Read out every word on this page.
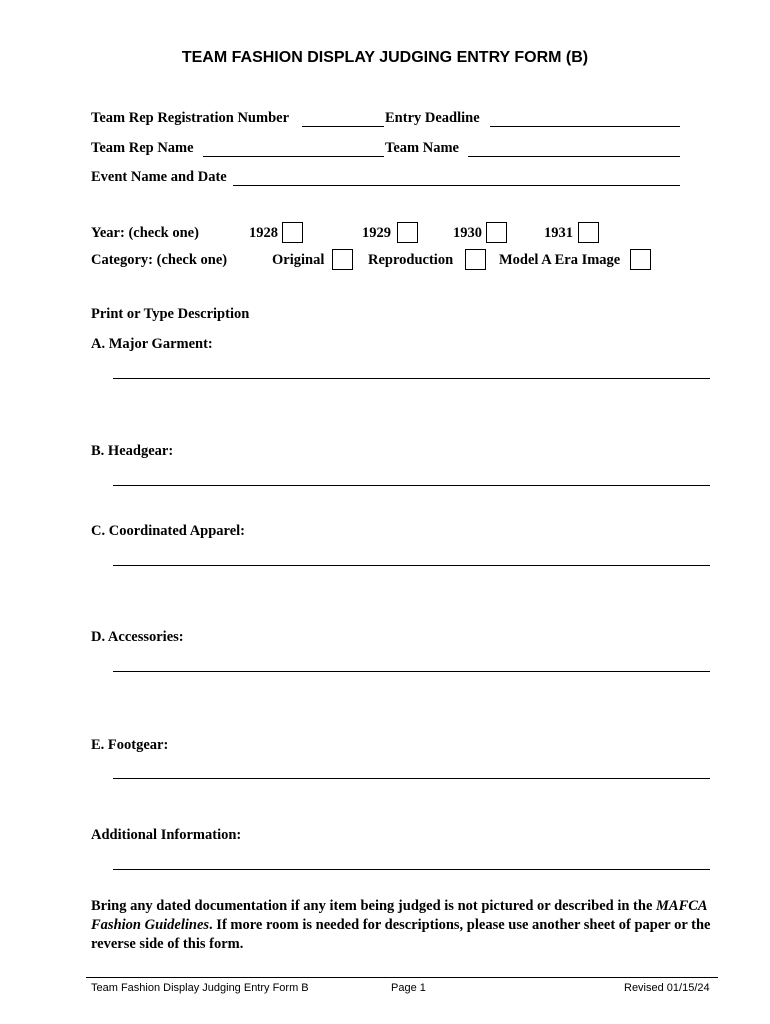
TEAM FASHION DISPLAY JUDGING ENTRY FORM (B)
Team Rep Registration Number	Entry Deadline
Team Rep Name	Team Name
Event Name and Date
Year: (check one)	1928	1929	1930	1931
Category: (check one)	Original	Reproduction	Model A Era Image
Print or Type Description
A. Major Garment:
B. Headgear:
C. Coordinated Apparel:
D. Accessories:
E. Footgear:
Additional Information:
Bring any dated documentation if any item being judged is not pictured or described in the MAFCA Fashion Guidelines. If more room is needed for descriptions, please use another sheet of paper or the reverse side of this form.
Team Fashion Display Judging Entry Form B	Page 1	Revised 01/15/24
